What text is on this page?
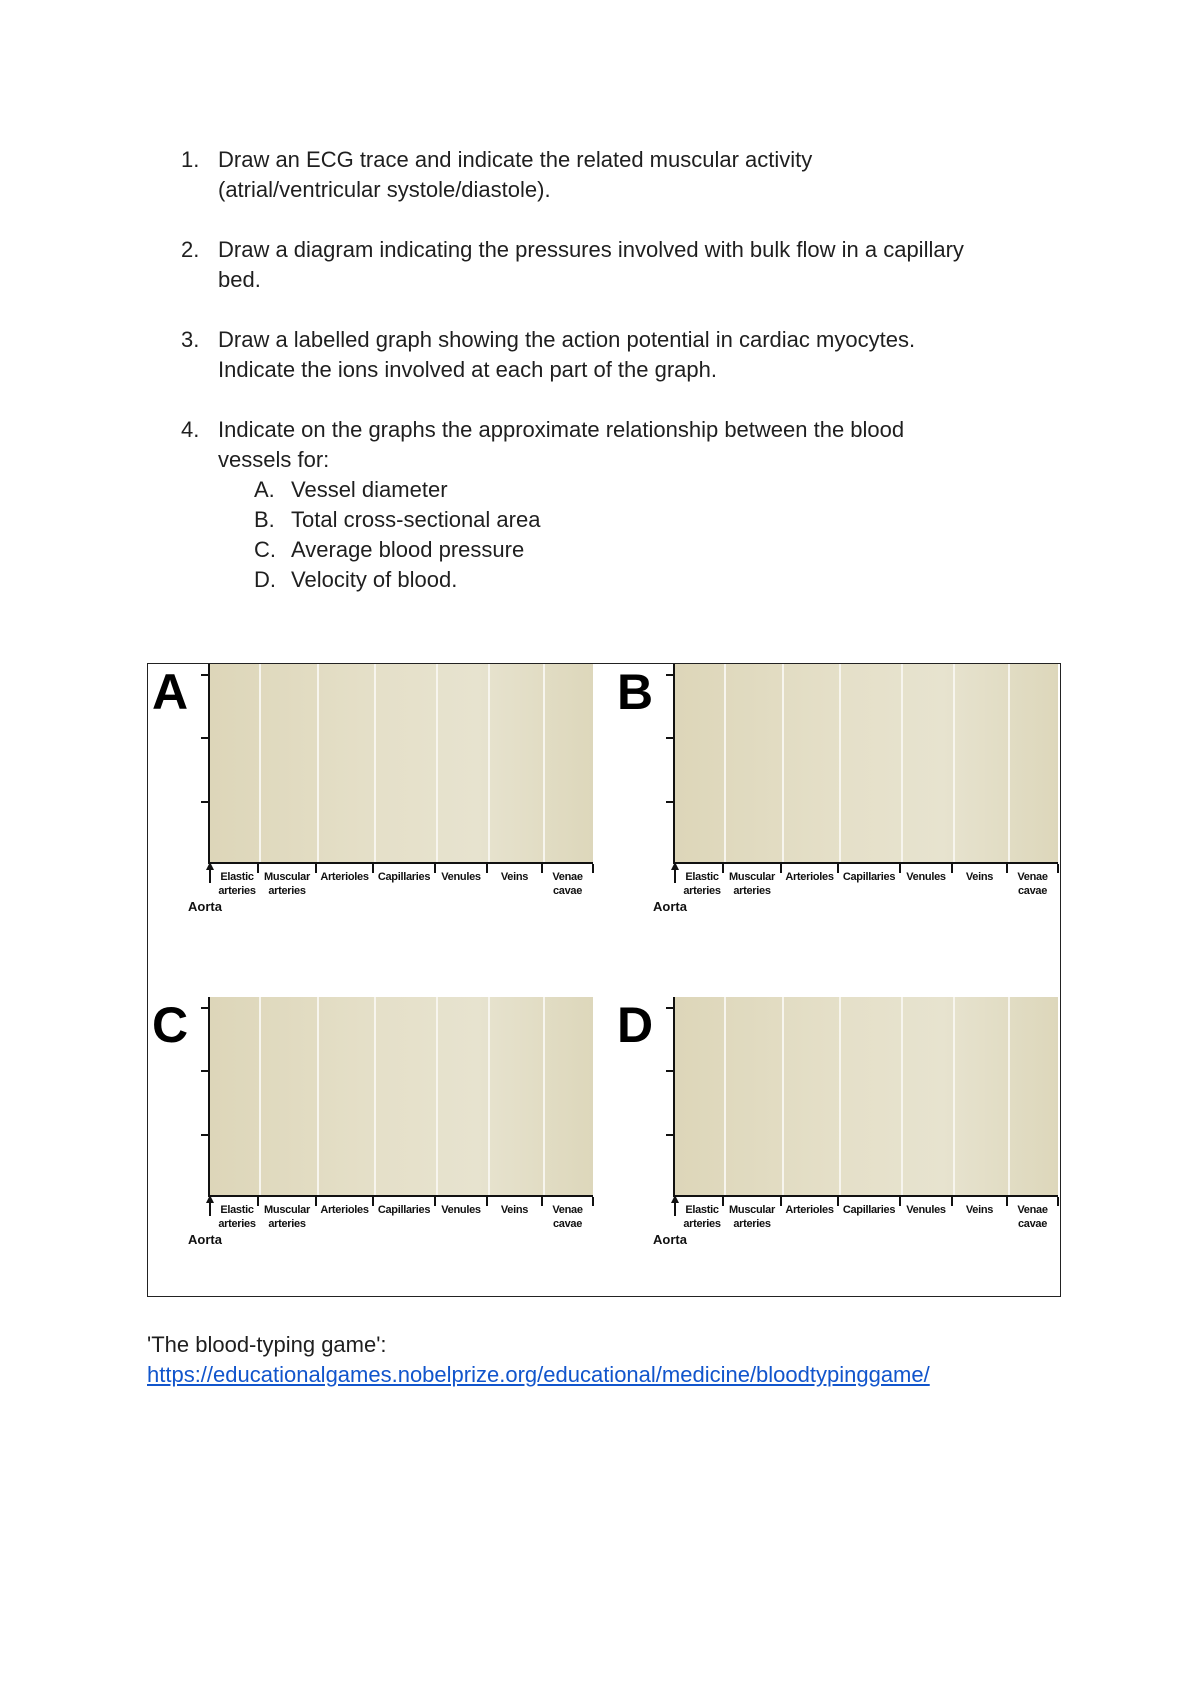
1. Draw an ECG trace and indicate the related muscular activity
(atrial/ventricular systole/diastole).
2. Draw a diagram indicating the pressures involved with bulk flow in a capillary
bed.
3. Draw a labelled graph showing the action potential in cardiac myocytes.
Indicate the ions involved at each part of the graph.
4. Indicate on the graphs the approximate relationship between the blood
vessels for:
A. Vessel diameter
B. Total cross-sectional area
C. Average blood pressure
D. Velocity of blood.
A
Elastic
arteries
Muscular
arteries
Arterioles Capillaries	Venules	Veins	Venae
cavae
Aorta
B
Elastic
arteries
Muscular
arteries
Arterioles Capillaries	Venules	Veins	Venae
cavae
Aorta
C
Elastic
arteries
Muscular
arteries
Arterioles Capillaries	Venules	Veins	Venae
cavae
Aorta
D
Elastic
arteries
Muscular
arteries
Arterioles Capillaries	Venules	Veins	Venae
cavae
Aorta
'The blood-typing game':
https://educationalgames.nobelprize.org/educational/medicine/bloodtypinggame/
